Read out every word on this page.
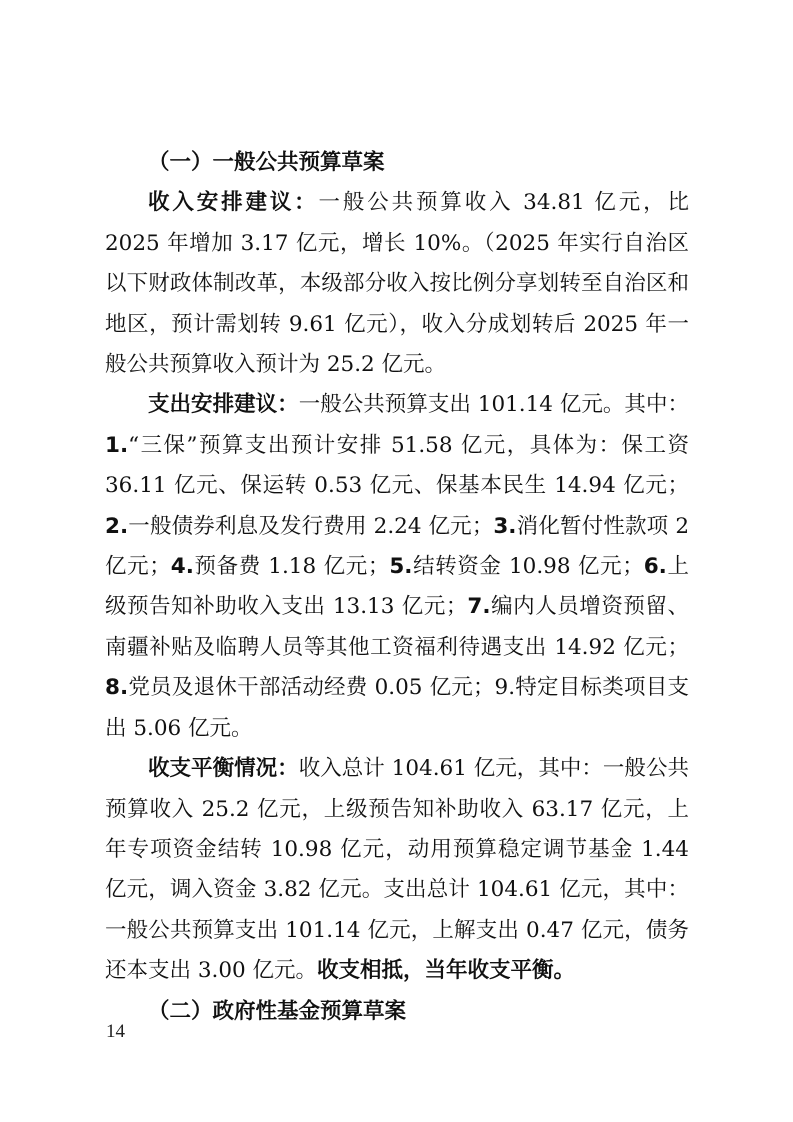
（一）一般公共预算草案

收入安排建议：一般公共预算收入 34.81 亿元，比 2025 年增加 3.17 亿元，增长 10%。（2025 年实行自治区以下财政体制改革，本级部分收入按比例分享划转至自治区和地区，预计需划转 9.61 亿元），收入分成划转后 2025 年一般公共预算收入预计为 25.2 亿元。

支出安排建议：一般公共预算支出 101.14 亿元。其中：1.“三保”预算支出预计安排 51.58 亿元，具体为：保工资 36.11 亿元、保运转 0.53 亿元、保基本民生 14.94 亿元；2.一般债券利息及发行费用 2.24 亿元；3.消化暂付性款项 2 亿元；4.预备费 1.18 亿元；5.结转资金 10.98 亿元；6.上级预告知补助收入支出 13.13 亿元；7.编内人员增资预留、南疆补贴及临聘人员等其他工资福利待遇支出 14.92 亿元；8.党员及退休干部活动经费 0.05 亿元；9.特定目标类项目支出 5.06 亿元。

收支平衡情况：收入总计 104.61 亿元，其中：一般公共预算收入 25.2 亿元，上级预告知补助收入 63.17 亿元，上年专项资金结转 10.98 亿元，动用预算稳定调节基金 1.44 亿元，调入资金 3.82 亿元。支出总计 104.61 亿元，其中：一般公共预算支出 101.14 亿元，上解支出 0.47 亿元，债务还本支出 3.00 亿元。收支相抵，当年收支平衡。

（二）政府性基金预算草案

14
